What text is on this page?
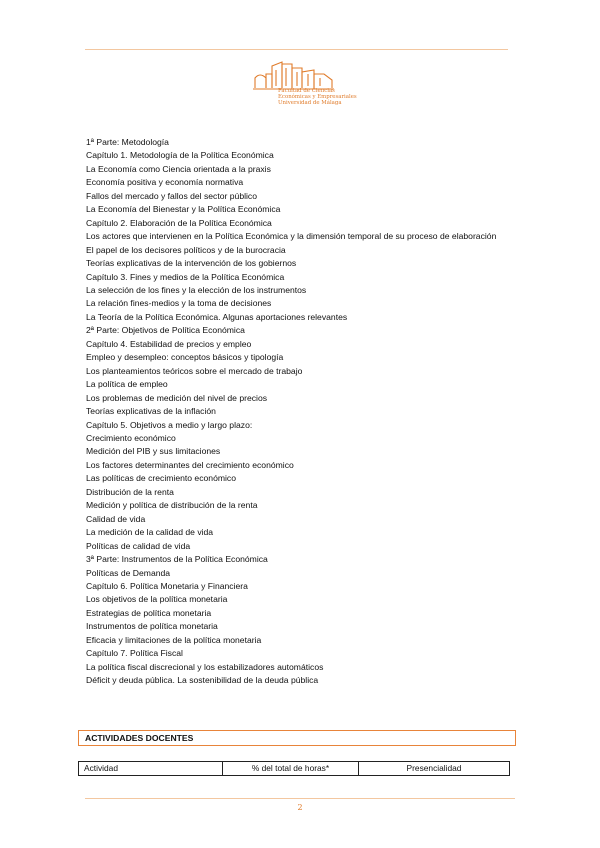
Facultad de Ciencias
Económicas y Empresariales
Universidad de Málaga
1ª Parte: Metodología
Capítulo 1. Metodología de la Política Económica
La Economía como Ciencia orientada a la praxis
Economía positiva y economía normativa
Fallos del mercado y fallos del sector público
La Economía del Bienestar y la Política Económica
Capítulo 2. Elaboración de la Política Económica
Los actores que intervienen en la Política Económica y la dimensión temporal de su proceso de elaboración
El papel de los decisores políticos y de la burocracia
Teorías explicativas de la intervención de los gobiernos
Capítulo 3. Fines y medios de la Política Económica
La selección de los fines y la elección de los instrumentos
La relación fines-medios y la toma de decisiones
La Teoría de la Política Económica. Algunas aportaciones relevantes
2ª Parte: Objetivos de Política Económica
Capítulo 4. Estabilidad de precios y empleo
Empleo y desempleo: conceptos básicos y tipología
Los planteamientos teóricos sobre el mercado de trabajo
La política de empleo
Los problemas de medición del nivel de precios
Teorías explicativas de la inflación
Capítulo 5. Objetivos a medio y largo plazo:
Crecimiento económico
Medición del PIB y sus limitaciones
Los factores determinantes del crecimiento económico
Las políticas de crecimiento económico
Distribución de la renta
Medición y política de distribución de la renta
Calidad de vida
La medición de la calidad de vida
Políticas de calidad de vida
3ª Parte: Instrumentos de la Política Económica
Políticas de Demanda
Capítulo 6. Política Monetaria y Financiera
Los objetivos de la política monetaria
Estrategias de política monetaria
Instrumentos de política monetaria
Eficacia y limitaciones de la política monetaria
Capítulo 7. Política Fiscal
La política fiscal discrecional y los estabilizadores automáticos
Déficit y deuda pública. La sostenibilidad de la deuda pública
ACTIVIDADES DOCENTES
Actividad	% del total de horas*	Presencialidad
2
